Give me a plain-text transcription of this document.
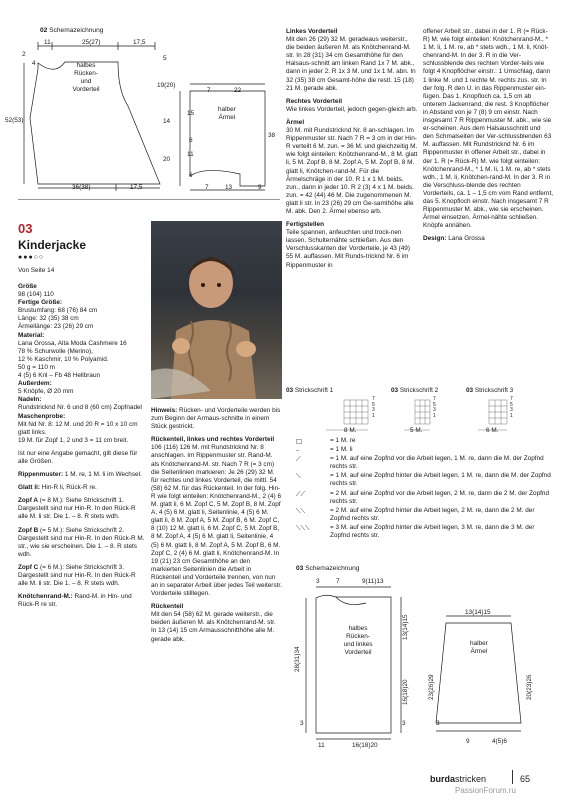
02 Schemazeichnung
11	25(27)	17,5
2
4	halbes
Rücken-
und
Vorderteil
52(53)
36(38)	17,5
5
19(20)
14
20
7	22
15
6
11
6
38
halber
Ärmel
7	13	9
03
Kinderjacke
●●●○○
Von Seite 14

Größe

98 (104) 110

Fertige Größe:

Brustumfang: 68 (76) 84 cm

Länge: 32 (35) 38 cm

Ärmellänge: 23 (26) 29 cm

Material:

Lana Grossa, Alta Moda Cashmere 16

78 % Schurwolle (Merino),

12 % Kaschmir, 10 % Polyamid.

50 g = 110 m

4 (5) 6 Knl – Fb 48 Hellbraun

Außerdem:

5 Knöpfe, Ø 20 mm

Nadeln:

Rundstricknd Nr. 6 und 8 (60 cm) Zopfnadel

Maschenprobe:

Mit Nd Nr. 8: 12 M. und 20 R = 10 x 10 cm glatt links.

19 M. für Zopf 1, 2 und 3 = 11 cm breit.

Ist nur eine Angabe gemacht, gilt diese für alle Größen.

Rippenmuster: 1 M. re, 1 M. li im Wechsel.

Glatt li: Hin-R li, Rück-R re.

Zopf A (= 8 M.): Siehe Strickschrift 1. Dargestellt sind nur Hin-R. In den Rück-R alle M. li str. Die 1. – 8. R stets wdh.

Zopf B (= 5 M.): Siehe Strickschrift 2. Dargestellt sind nur Hin-R. In den Rück-R M. str., wie sie erscheinen. Die 1. – 8. R stets wdh.

Zopf C (= 6 M.): Siehe Strickschrift 3. Dargestellt sind nur Hin-R. In den Rück-R alle M. li str. Die 1. – 8. R stets wdh.

Knötchenrand-M.: Rand-M. in Hin- und Rück-R re str.

Hinweis: Rücken- und Vorderteile werden bis zum Beginn der Armaus-schnitte in einem Stück gestrickt.

Rückenteil, linkes und rechtes Vorderteil

106 (116) 126 M. mit Rundstricknd Nr. 8 anschlagen. Im Rippenmuster str. Rand-M. als Knötchenrand-M. str. Nach 7 R (= 3 cm) die Seitenlinien markieren: Je 26 (29) 32 M. für rechtes und linkes Vorderteil, die mittl. 54 (58) 62 M. für das Rückenteil. In der folg. Hin-R wie folgt einteilen: Knötchenrand-M., 2 (4) 6 M. glatt li, 6 M. Zopf C, 5 M. Zopf B, 8 M. Zopf A, 4 (5) 6 M. glatt li, Seitenlinie, 4 (5) 6 M. glatt li, 8 M. Zopf A, 5 M. Zopf B, 6 M. Zopf C, 8 (10) 12 M. glatt li, 6 M. Zopf C, 5 M. Zopf B, 8 M. Zopf A, 4 (5) 6 M. glatt li, Seitenlinie, 4 (5) 6 M. glatt li, 8 M. Zopf A, 5 M. Zopf B, 6 M. Zopf C, 2 (4) 6 M. glatt li, Knötchenrand-M. In 19 (21) 23 cm Gesamthöhe an den markierten Seitenlinien die Arbeit in Rückenteil und Vorderteile trennen, von nun an in separater Arbeit über jedes Teil weiterstr. Vorderteile stilllegen.

Rückenteil

Mit den 54 (58) 62 M. gerade weiterstr., die beiden äußeren M. als Knötchenrand-M. str. In 13 (14) 15 cm Armausschnitthöhe alle M. gerade abk.

Linkes Vorderteil

Mit den 26 (29) 32 M. geradeaus weiterstr., die beiden äußeren M. als Knötchenrand-M. str. In 28 (31) 34 cm Gesamthöhe für den Halsaus-schnitt am linken Rand 1x 7 M. abk., dann in jeder 2. R 1x 3 M. und 1x 1 M. abn. In 32 (35) 38 cm Gesamt-höhe die restl. 15 (18) 21 M. gerade abk.

Rechtes Vorderteil

Wie linkes Vorderteil, jedoch gegen-gleich arb.

Ärmel

30 M. mit Rundstricknd Nr. 8 an-schlagen. Im Rippenmuster str. Nach 7 R = 3 cm in der Hin-R verteilt 6 M. zun. = 36 M. und gleichzeitig M. wie folgt einteilen: Knötchenrand-M., 8 M. glatt li, 5 M. Zopf B, 8 M. Zopf A, 5 M. Zopf B, 8 M. glatt li, Knötchen-rand-M. Für die Ärmelschräge in der 10. R 1 x 1 M. beids. zun., dann in jeder 10. R 2 (3) 4 x 1 M. beids. zun. = 42 (44) 46 M. Die zugenommenen M. glatt li str. In 23 (26) 29 cm Ge-samthöhe alle M. abk. Den 2. Ärmel ebenso arb.

Fertigstellen

Teile spannen, anfeuchten und trock-nen lassen. Schulternähte schließen. Aus den Verschlusskanten der Vorderteile, je 43 (49) 55 M. auffassen. Mit Runds-tricknd Nr. 6 im Rippenmuster in

offener Arbeit str., dabei in der 1. R (= Rück-R) M. wie folgt einteilen: Knötchenrand-M., * 1 M. li, 1 M. re, ab * stets wdh., 1 M. li, Knöt-chenrand-M. In der 3. R in die Ver-schlussblende des rechten Vorder-teils wie folgt 4 Knopflöcher einstr.: 1 Umschlag, dann 1 linke M. und 1 rechte M. rechts zus. str. In der folg. R den U. in das Rippenmuster ein-fügen. Das 1. Knopfloch ca. 1,5 cm ab unterem Jackenrand, die rest. 3 Knopflöcher in Abstand von je 7 (8) 9 cm einstr. Nach insgesamt 7 R Rippenmuster M. abk., wie sie er-scheinen. Aus dem Halsausschnitt und den Schmalseiten der Ver-schlussblenden 63 M. auffassen. Mit Rundstricknd Nr. 6 im Rippenmuster in offener Arbeit str., dabei in der 1. R (= Rück-R) M. wie folgt einteilen: Knötchenrand-M., * 1 M. li, 1 M. re, ab * stets wdh., 1 M. li, Knötchen-rand-M. In der 3. R in die Verschluss-blende des rechten Vorderteils, ca. 1 – 1,5 cm vom Rand entfernt, das 5. Knopfloch einstr. Nach insgesamt 7 R Rippenmuster M. abk., wie sie erscheinen. Ärmel einsetzen. Ärmel-nähte schließen. Knöpfe annähen.

Design: Lana Grossa

03 Strickschrift 1	03 Strickschrift 2	03 Strickschrift 3
7
5
3
1
7
5
3
1
7
5
3
1
8 M.	5 M.	6 M.
□	= 1 M. re
–	= 1 M. li
⟋	= 1 M. auf eine Zopfnd vor die Arbeit legen, 1 M. re, dann die M. der Zopfnd rechts str.
⟍	= 1 M. auf eine Zopfnd hinter die Arbeit legen, 1 M. re, dann die M. der Zopfnd rechts str.
⟋⟋	= 2 M. auf eine Zopfnd vor die Arbeit legen, 2 M. re, dann die 2 M. der Zopfnd rechts str.
⟍⟍	= 2 M. auf eine Zopfnd hinter die Arbeit legen, 2 M. re, dann die 2 M. der Zopfnd rechts str.
⟍⟍⟍	= 3 M. auf eine Zopfnd hinter die Arbeit legen, 3 M. re, dann die 3 M. der Zopfnd rechts str.
03 Schemazeichnung
3	7	9(11)13
halbes
Rücken-
und linkes
Vorderteil
28(31)34
13(14)15
16(18)20
3
3
11	16(18)20
13(14)15
halber
Ärmel
23(26)29	20(23)26
3
9	4(5)6
burdastricken	65
PassionForum.ru
